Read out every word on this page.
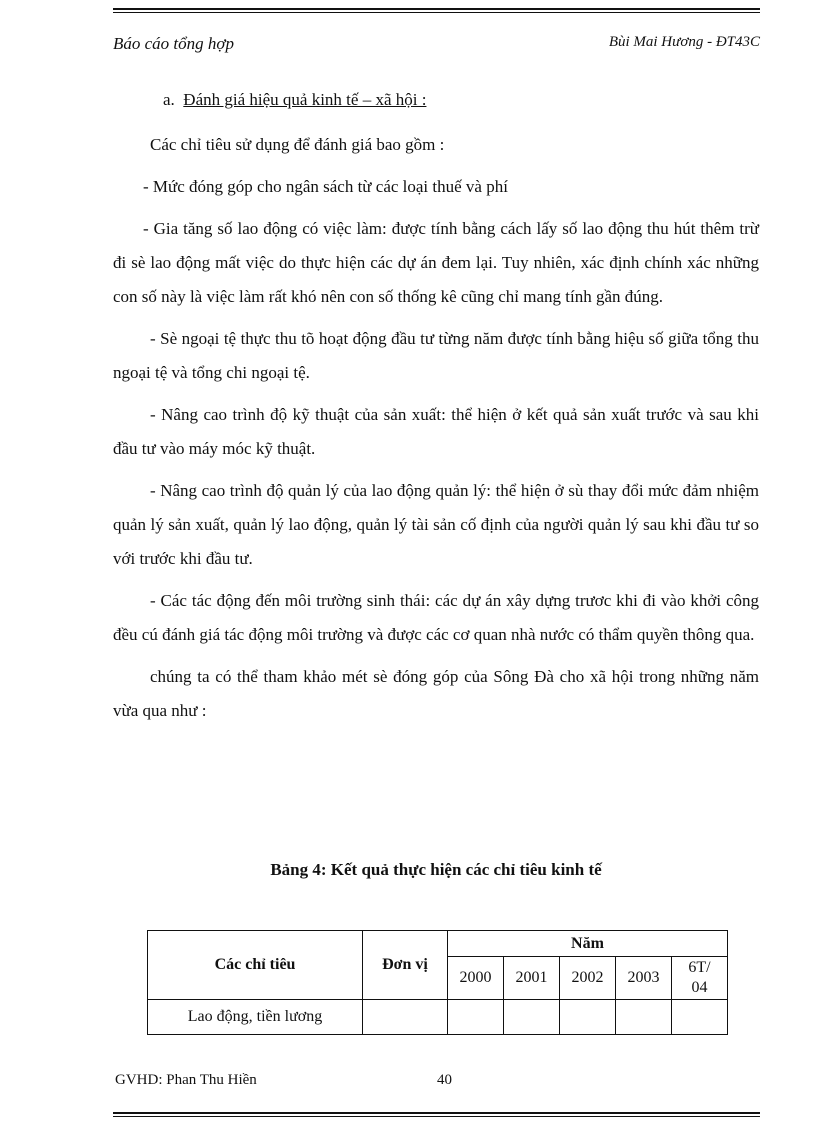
Báo cáo tổng hợp	Bùi Mai Hương - ĐT43C
a. Đánh giá hiệu quả kinh tế – xã hội :

Các chỉ tiêu sử dụng để đánh giá bao gồm :

- Mức đóng góp cho ngân sách từ các loại thuế và phí

- Gia tăng số lao động có việc làm: được tính bằng cách lấy số lao động thu hút thêm trừ đi sè lao động mất việc do thực hiện các dự án đem lại. Tuy nhiên, xác định chính xác những con số này là việc làm rất khó nên con số thống kê cũng chỉ mang tính gần đúng.

- Sè ngoại tệ thực thu tõ hoạt động đầu tư từng năm được tính bằng hiệu số giữa tổng thu ngoại tệ và tổng chi ngoại tệ.

- Nâng cao trình độ kỹ thuật của sản xuất: thể hiện ở kết quả sản xuất trước và sau khi đầu tư vào máy móc kỹ thuật.

- Nâng cao trình độ quản lý của lao động quản lý: thể hiện ở sù thay đổi mức đảm nhiệm quản lý sản xuất, quản lý lao động, quản lý tài sản cố định của người quản lý sau khi đầu tư so với trước khi đầu tư.

- Các tác động đến môi trường sinh thái: các dự án xây dựng trươc khi đi vào khởi công đều cú đánh giá tác động môi trường và được các cơ quan nhà nước có thẩm quyền thông qua.

chúng ta có thể tham khảo mét sè đóng góp của Sông Đà cho xã hội trong những năm vừa qua như :

Bảng 4: Kết quả thực hiện các chỉ tiêu kinh tế
Các chỉ tiêu	Đơn vị	Năm				
		2000	2001	2002	2003	6T/
04
Lao động, tiền lương						
GVHD: Phan Thu Hiền	40
